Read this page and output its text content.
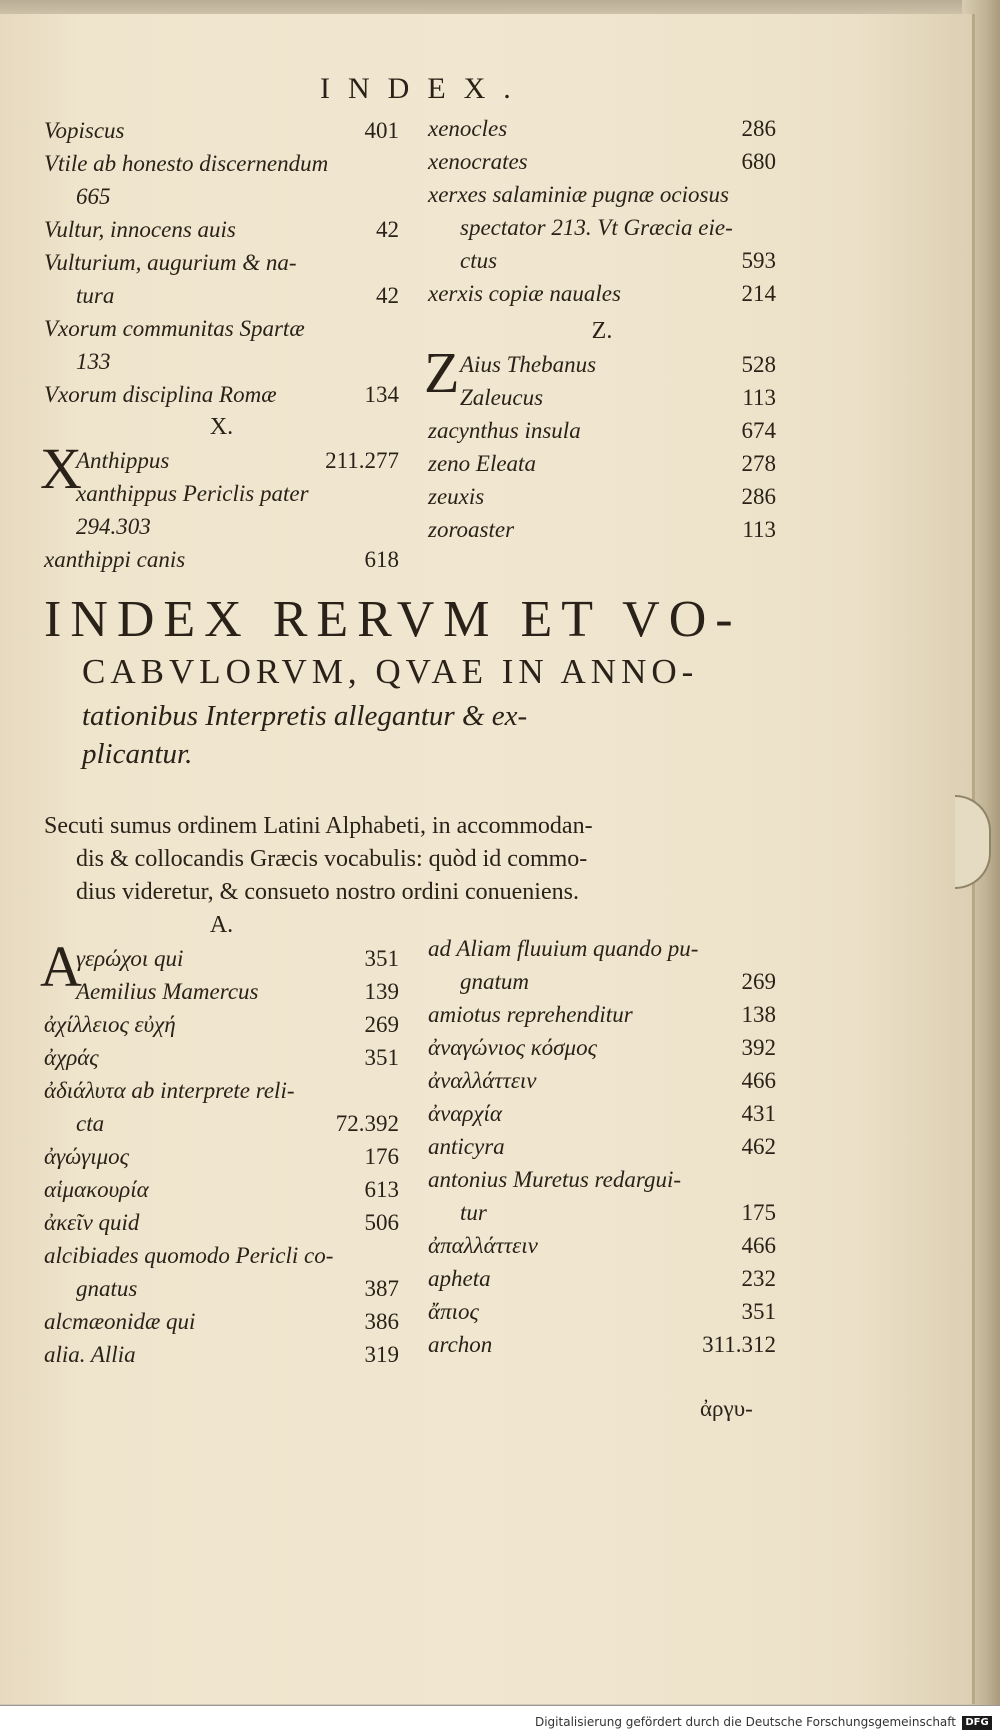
INDEX.
Vopiscus	401
Vtile ab honesto discernendum
665
Vultur, innocens auis	42
Vulturium, augurium & na-
tura	42
Vxorum communitas Spartæ
133
Vxorum disciplina Romæ	134
X.
X
Anthippus	211.277
xanthippus Periclis pater
294.303
xanthippi canis	618
xenocles	286
xenocrates	680
xerxes salaminiæ pugnæ ociosus
spectator 213. Vt Græcia eie-
ctus	593
xerxis copiæ nauales	214
Z.
Z Aius Thebanus	528
Zaleucus	113
zacynthus insula	674
zeno Eleata	278
zeuxis	286
zoroaster	113
INDEX RERVM ET VO-
CABVLORVM, QVAE IN ANNO-
tationibus Interpretis allegantur & ex-
plicantur.
Secuti sumus ordinem Latini Alphabeti, in accommodan-
dis & collocandis Græcis vocabulis: quòd id commo-
dius videretur, & consueto nostro ordini conueniens.
A.
A
γερώχοι qui	351
Aemilius Mamercus	139
ἀχίλλειος εὐχή	269
ἀχράς	351
ἀδιάλυτα ab interprete reli-
cta	72.392
ἀγώγιμος	176
αἱμακουρία	613
ἀκεῖν quid	506
alcibiades quomodo Pericli co-
gnatus	387
alcmæonidæ qui	386
alia. Allia	319
ad Aliam fluuium quando pu-
gnatum	269
amiotus reprehenditur	138
ἀναγώνιος κόσμος	392
ἀναλλάττειν	466
ἀναρχία	431
anticyra	462
antonius Muretus redargui-
tur	175
ἀπαλλάττειν	466
apheta	232
ἄπιος	351
archon	311.312
ἀργυ-
Digitalisierung gefördert durch die Deutsche Forschungsgemeinschaft DFG
